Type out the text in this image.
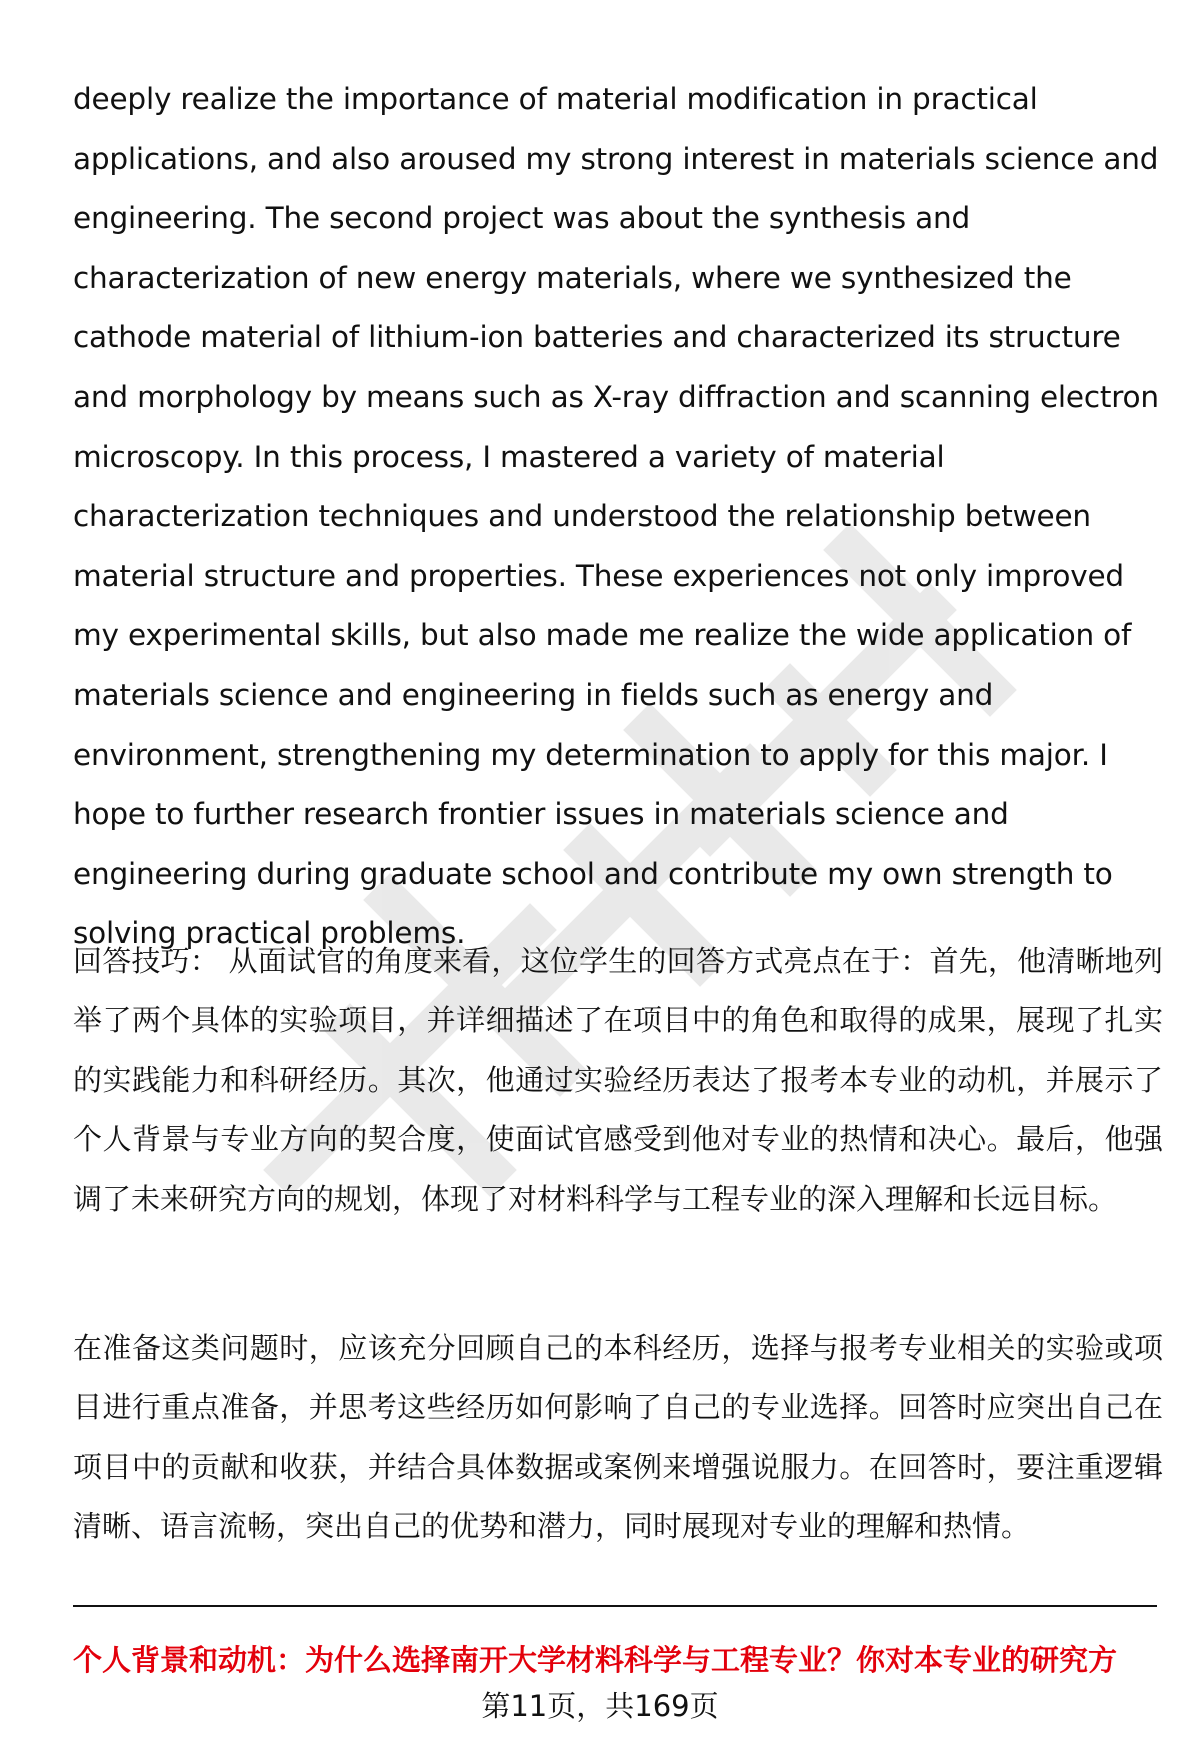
deeply realize the importance of material modification in practical applications, and also aroused my strong interest in materials science and engineering. The second project was about the synthesis and characterization of new energy materials, where we synthesized the cathode material of lithium-ion batteries and characterized its structure and morphology by means such as X-ray diffraction and scanning electron microscopy. In this process, I mastered a variety of material characterization techniques and understood the relationship between material structure and properties. These experiences not only improved my experimental skills, but also made me realize the wide application of materials science and engineering in fields such as energy and environment, strengthening my determination to apply for this major. I hope to further research frontier issues in materials science and engineering during graduate school and contribute my own strength to solving practical problems.

回答技巧： 从面试官的角度来看，这位学生的回答方式亮点在于：首先，他清晰地列举了两个具体的实验项目，并详细描述了在项目中的角色和取得的成果，展现了扎实的实践能力和科研经历。其次，他通过实验经历表达了报考本专业的动机，并展示了个人背景与专业方向的契合度，使面试官感受到他对专业的热情和决心。最后，他强调了未来研究方向的规划，体现了对材料科学与工程专业的深入理解和长远目标。

在准备这类问题时，应该充分回顾自己的本科经历，选择与报考专业相关的实验或项目进行重点准备，并思考这些经历如何影响了自己的专业选择。回答时应突出自己在项目中的贡献和收获，并结合具体数据或案例来增强说服力。在回答时，要注重逻辑清晰、语言流畅，突出自己的优势和潜力，同时展现对专业的理解和热情。

个人背景和动机：为什么选择南开大学材料科学与工程专业？你对本专业的研究方

第11页，共169页
